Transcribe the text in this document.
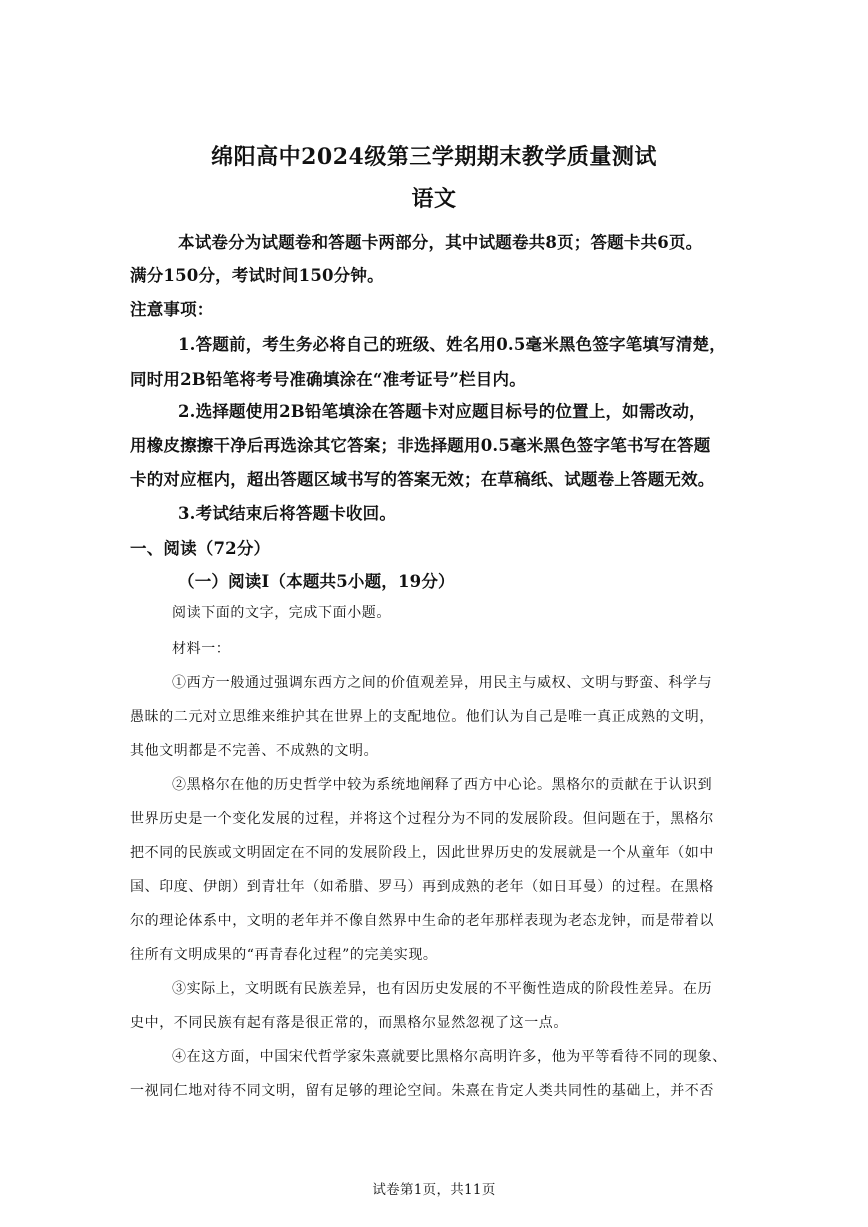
绵阳高中2024级第三学期期末教学质量测试
语文
本试卷分为试题卷和答题卡两部分，其中试题卷共8页；答题卡共6页。
满分150分，考试时间150分钟。
注意事项：
1.答题前，考生务必将自己的班级、姓名用0.5毫米黑色签字笔填写清楚，
同时用2B铅笔将考号准确填涂在“准考证号”栏目内。
2.选择题使用2B铅笔填涂在答题卡对应题目标号的位置上，如需改动，
用橡皮擦擦干净后再选涂其它答案；非选择题用0.5毫米黑色签字笔书写在答题
卡的对应框内，超出答题区域书写的答案无效；在草稿纸、试题卷上答题无效。
3.考试结束后将答题卡收回。
一、阅读（72分）
（一）阅读I（本题共5小题，19分）
阅读下面的文字，完成下面小题。
材料一：
①西方一般通过强调东西方之间的价值观差异，用民主与威权、文明与野蛮、科学与
愚昧的二元对立思维来维护其在世界上的支配地位。他们认为自己是唯一真正成熟的文明，
其他文明都是不完善、不成熟的文明。
②黑格尔在他的历史哲学中较为系统地阐释了西方中心论。黑格尔的贡献在于认识到
世界历史是一个变化发展的过程，并将这个过程分为不同的发展阶段。但问题在于，黑格尔
把不同的民族或文明固定在不同的发展阶段上，因此世界历史的发展就是一个从童年（如中
国、印度、伊朗）到青壮年（如希腊、罗马）再到成熟的老年（如日耳曼）的过程。在黑格
尔的理论体系中，文明的老年并不像自然界中生命的老年那样表现为老态龙钟，而是带着以
往所有文明成果的“再青春化过程”的完美实现。
③实际上，文明既有民族差异，也有因历史发展的不平衡性造成的阶段性差异。在历
史中，不同民族有起有落是很正常的，而黑格尔显然忽视了这一点。
④在这方面，中国宋代哲学家朱熹就要比黑格尔高明许多，他为平等看待不同的现象、
一视同仁地对待不同文明，留有足够的理论空间。朱熹在肯定人类共同性的基础上，并不否
试卷第1页，共11页
